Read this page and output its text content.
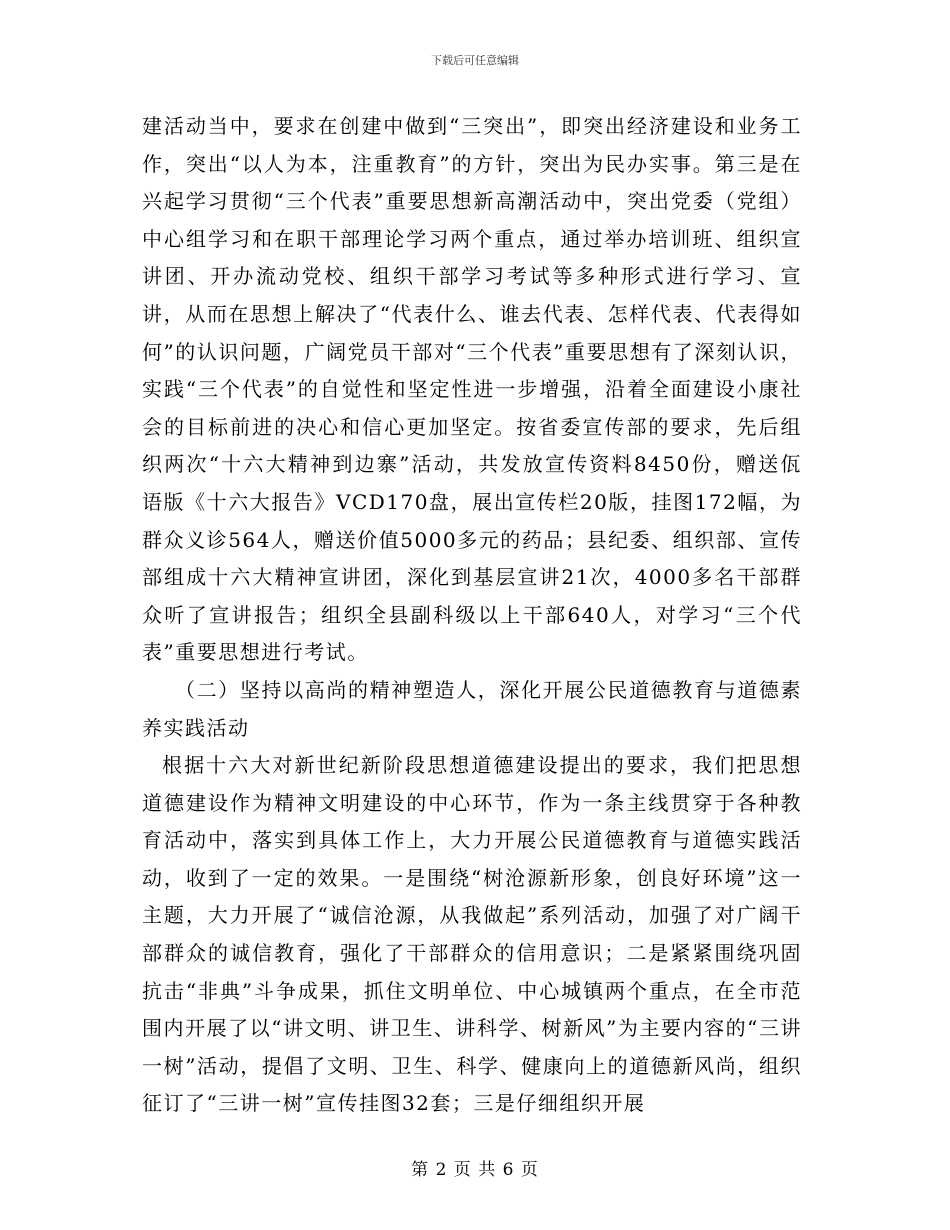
下载后可任意编辑

建活动当中，要求在创建中做到“三突出”，即突出经济建设和业务工作，突出“以人为本，注重教育”的方针，突出为民办实事。第三是在兴起学习贯彻“三个代表”重要思想新高潮活动中，突出党委（党组）中心组学习和在职干部理论学习两个重点，通过举办培训班、组织宣讲团、开办流动党校、组织干部学习考试等多种形式进行学习、宣讲，从而在思想上解决了“代表什么、谁去代表、怎样代表、代表得如何”的认识问题，广阔党员干部对“三个代表”重要思想有了深刻认识，实践“三个代表”的自觉性和坚定性进一步增强，沿着全面建设小康社会的目标前进的决心和信心更加坚定。按省委宣传部的要求，先后组织两次“十六大精神到边寨”活动，共发放宣传资料8450份，赠送佤语版《十六大报告》VCD170盘，展出宣传栏20版，挂图172幅，为群众义诊564人，赠送价值5000多元的药品；县纪委、组织部、宣传部组成十六大精神宣讲团，深化到基层宣讲21次，4000多名干部群众听了宣讲报告；组织全县副科级以上干部640人，对学习“三个代表”重要思想进行考试。

（二）坚持以高尚的精神塑造人，深化开展公民道德教育与道德素养实践活动

根据十六大对新世纪新阶段思想道德建设提出的要求，我们把思想道德建设作为精神文明建设的中心环节，作为一条主线贯穿于各种教育活动中，落实到具体工作上，大力开展公民道德教育与道德实践活动，收到了一定的效果。一是围绕“树沧源新形象，创良好环境”这一主题，大力开展了“诚信沧源，从我做起”系列活动，加强了对广阔干部群众的诚信教育，强化了干部群众的信用意识；二是紧紧围绕巩固抗击“非典”斗争成果，抓住文明单位、中心城镇两个重点，在全市范围内开展了以“讲文明、讲卫生、讲科学、树新风”为主要内容的“三讲一树”活动，提倡了文明、卫生、科学、健康向上的道德新风尚，组织征订了“三讲一树”宣传挂图32套；三是仔细组织开展

第 2 页 共 6 页
